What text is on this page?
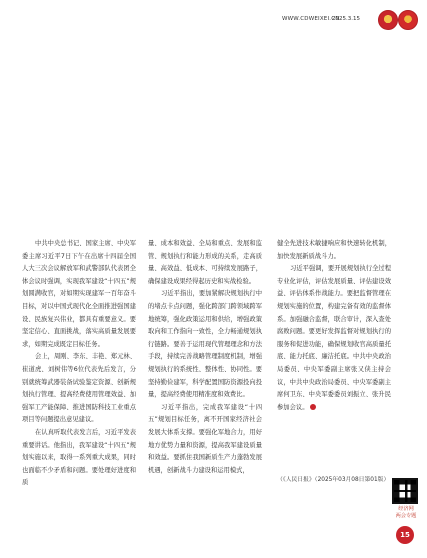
WWW.CDWEIXEI.CN
2025.3.15

中共中央总书记、国家主席、中央军委主席习近平7日下午在出席十四届全国人大三次会议解放军和武警部队代表团全体会议时强调，实现我军建设“十四五”规划圆满收官，对如期实现建军一百年奋斗目标，对以中国式现代化全面推进强国建设、民族复兴伟业，都具有重要意义。要坚定信心、直面挑战，落实高质量发展要求，如期完成既定目标任务。

会上，周刚、李东、丰艳、郑元林、崔道虎、刘树伟等6位代表先后发言，分别就统筹武器装备试验鉴定资源、创新规划执行管理、提高经费使用管理效益、加强军工产能保障、推进国防科技工业重点项目等问题提出意见建议。

在认真听取代表发言后，习近平发表重要讲话。他指出，我军建设“十四五”规划实施以来，取得一系列重大成果，同时也面临不少矛盾和问题。要处理好进度和质

量、成本和效益、全局和重点、发展和监管、规划执行和能力形成的关系，走高质量、高效益、低成本、可持续发展路子，确保建设成果经得起历史和实战检验。

习近平指出，要加紧解决规划执行中的堵点卡点问题，强化跨部门跨领域跨军地统筹，强化政策运用和供给，增强政策取向和工作指向一致性，全力畅通规划执行链路。要善于运用现代管理理念和方法手段，持续完善战略管理制度机制，增强规划执行的系统性、整体性、协同性。要坚持勤俭建军，科学配置国防资源投向投量，提高经费使用精准度和效费比。

习近平指出，完成我军建设“十四五”规划目标任务，离不开国家经济社会发展大体系支撑。要强化军地合力，用好地方优势力量和资源，提高我军建设质量和效益。要抓住我国新质生产力蓬勃发展机遇，创新战斗力建设和运用模式，

健全先进技术敏捷响应和快速转化机制，加快发展新质战斗力。

习近平强调，要开展规划执行全过程专业化评估，评估发展质量、评估建设效益、评估体系作战能力。要把监督管理在规划实施的位置，构建完备有效的监督体系。加强融合监督，联合审计，深入查处腐败问题。要更好发挥监督对规划执行的服务和促进功能，确保规划收官高质量托底、能力托底、廉洁托底。中共中央政治局委员、中央军委副主席张又侠主持会议，中共中央政治局委员、中央军委副主席何卫东、中央军委委员刘振立、张升民参加会议。

（《人民日报》（2025年03月08日第01版）
经济网
两会专题
15
